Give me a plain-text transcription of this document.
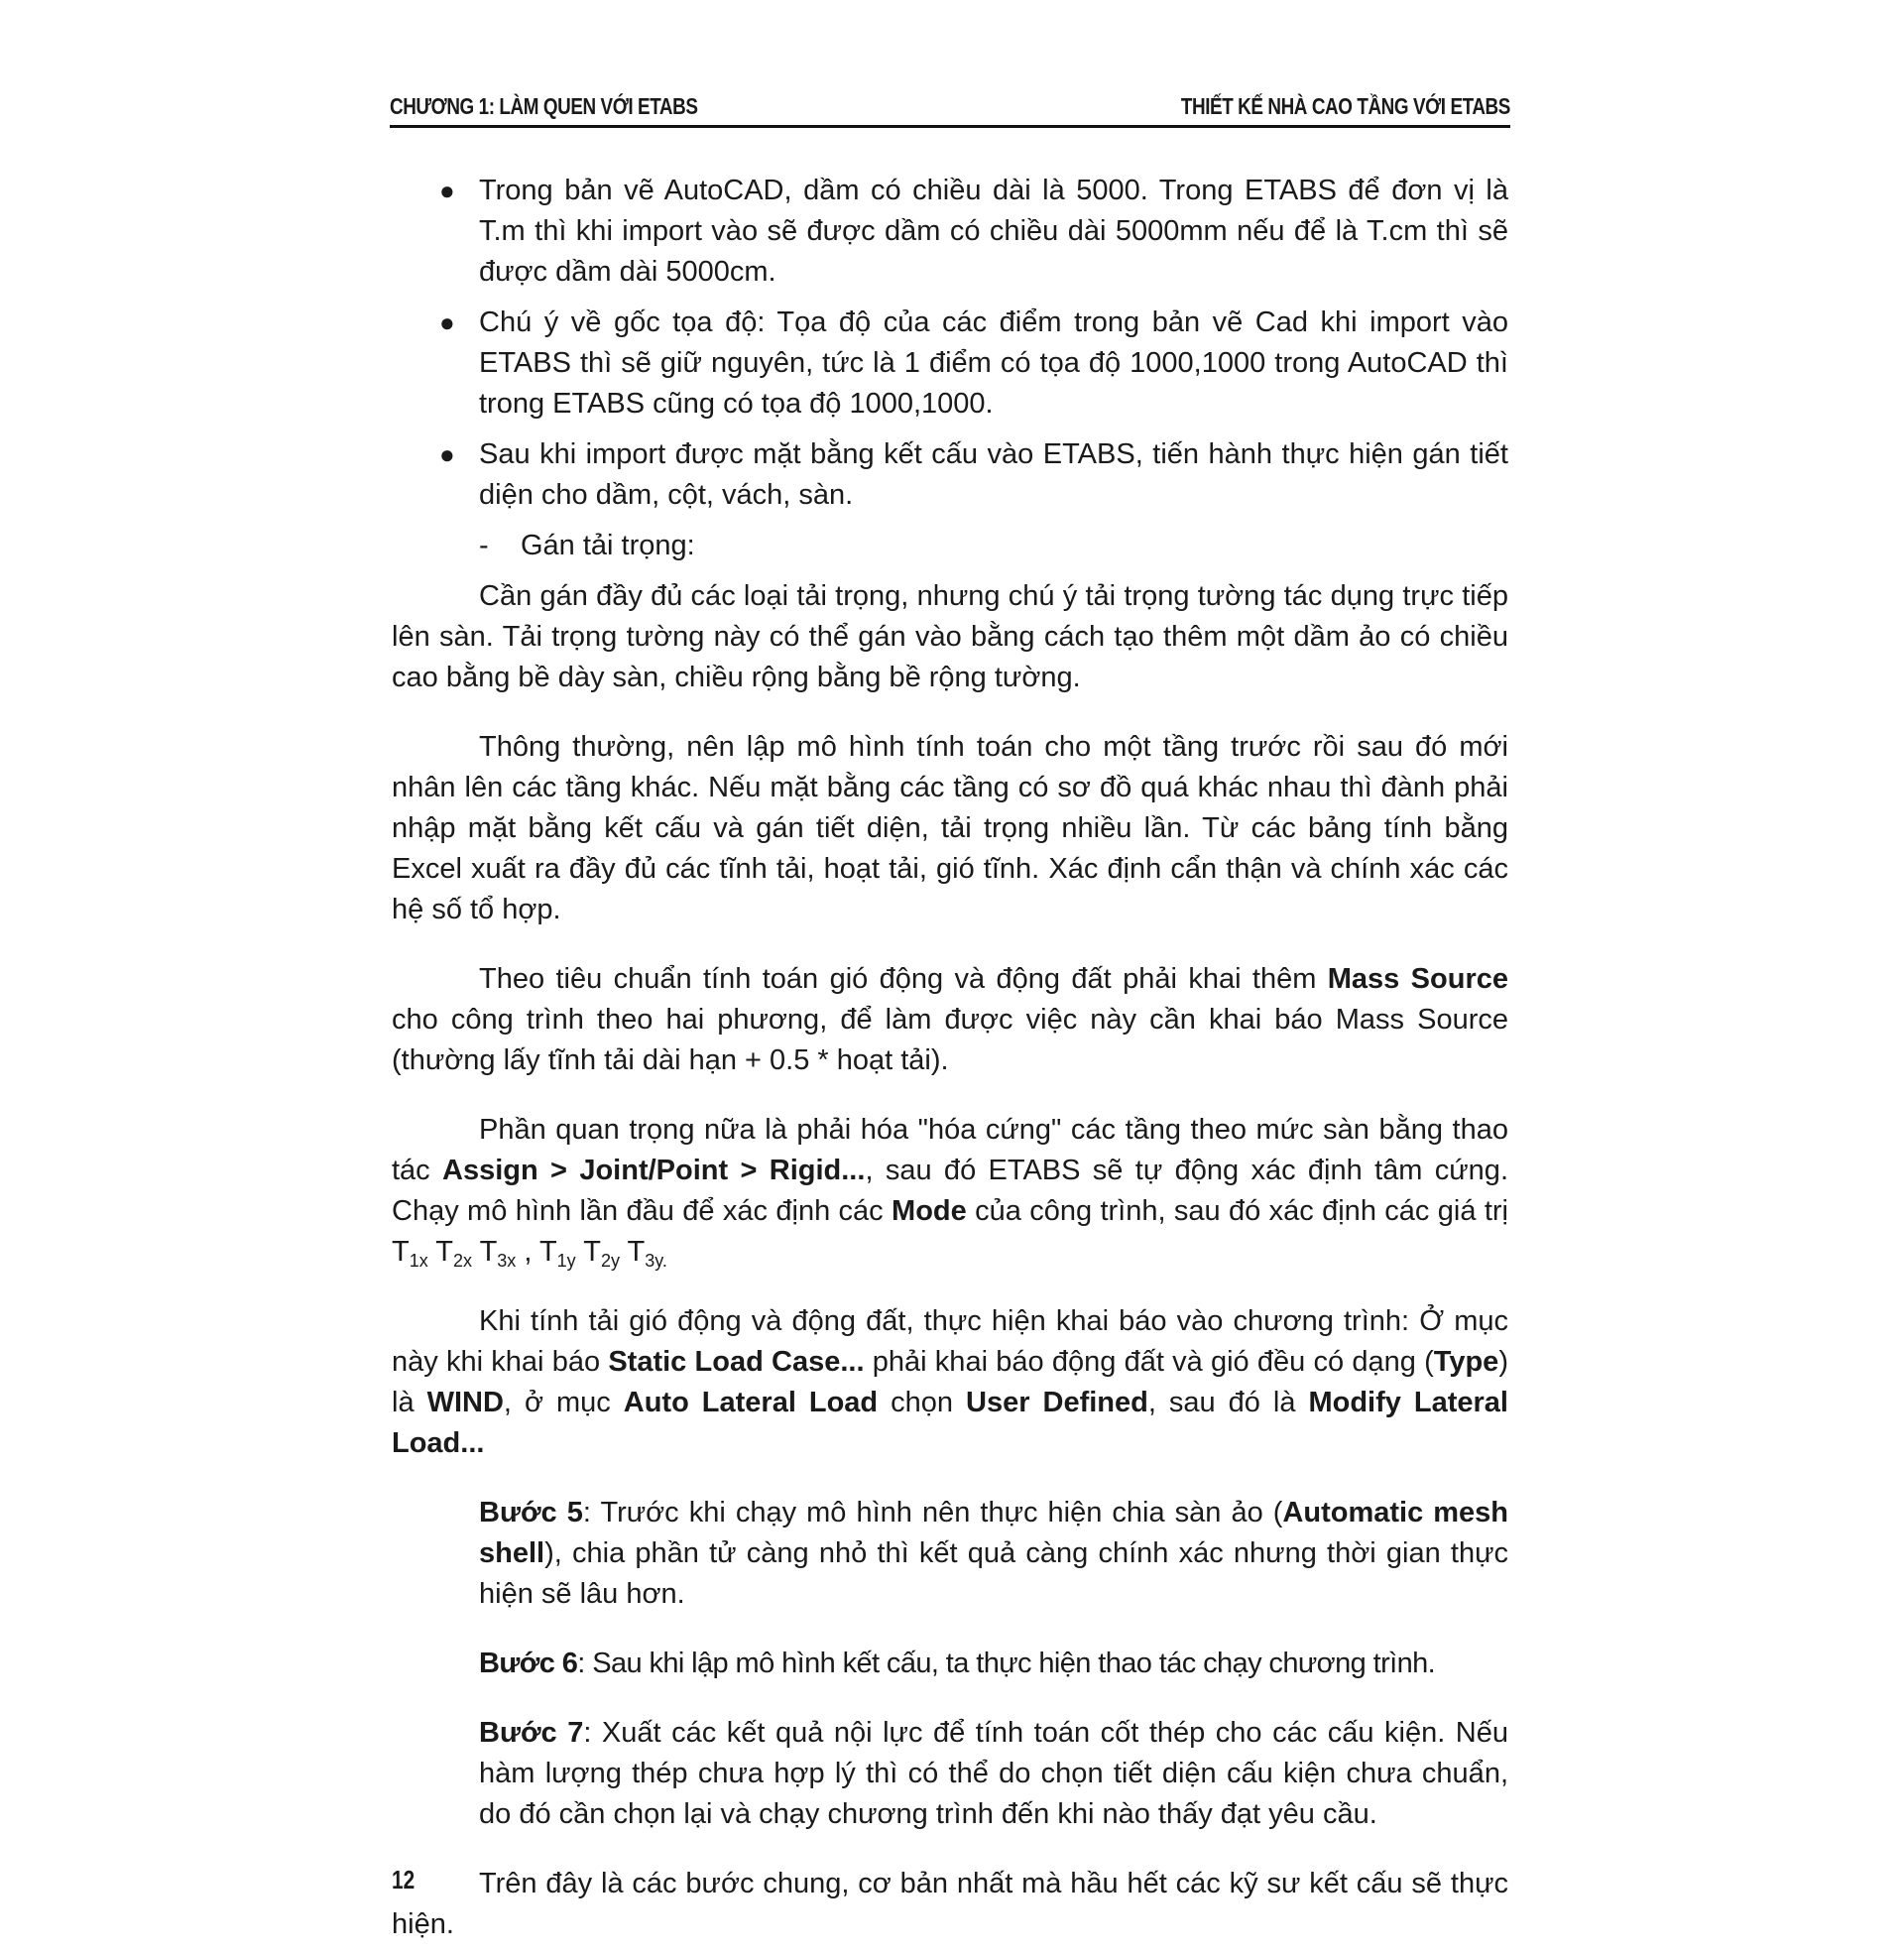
CHƯƠNG 1: LÀM QUEN VỚI ETABS	THIẾT KẾ NHÀ CAO TẦNG VỚI ETABS
● Trong bản vẽ AutoCAD, dầm có chiều dài là 5000. Trong ETABS để đơn vị là T.m thì khi import vào sẽ được dầm có chiều dài 5000mm nếu để là T.cm thì sẽ được dầm dài 5000cm.
● Chú ý về gốc tọa độ: Tọa độ của các điểm trong bản vẽ Cad khi import vào ETABS thì sẽ giữ nguyên, tức là 1 điểm có tọa độ 1000,1000 trong AutoCAD thì trong ETABS cũng có tọa độ 1000,1000.
● Sau khi import được mặt bằng kết cấu vào ETABS, tiến hành thực hiện gán tiết diện cho dầm, cột, vách, sàn.
- Gán tải trọng:

Cần gán đầy đủ các loại tải trọng, nhưng chú ý tải trọng tường tác dụng trực tiếp lên sàn. Tải trọng tường này có thể gán vào bằng cách tạo thêm một dầm ảo có chiều cao bằng bề dày sàn, chiều rộng bằng bề rộng tường.

Thông thường, nên lập mô hình tính toán cho một tầng trước rồi sau đó mới nhân lên các tầng khác. Nếu mặt bằng các tầng có sơ đồ quá khác nhau thì đành phải nhập mặt bằng kết cấu và gán tiết diện, tải trọng nhiều lần. Từ các bảng tính bằng Excel xuất ra đầy đủ các tĩnh tải, hoạt tải, gió tĩnh. Xác định cẩn thận và chính xác các hệ số tổ hợp.

Theo tiêu chuẩn tính toán gió động và động đất phải khai thêm Mass Source cho công trình theo hai phương, để làm được việc này cần khai báo Mass Source (thường lấy tĩnh tải dài hạn + 0.5 * hoạt tải).

Phần quan trọng nữa là phải hóa "hóa cứng" các tầng theo mức sàn bằng thao tác Assign > Joint/Point > Rigid..., sau đó ETABS sẽ tự động xác định tâm cứng. Chạy mô hình lần đầu để xác định các Mode của công trình, sau đó xác định các giá trị $T_{1x}$ $T_{2x}$ $T_{3x}$ , $T_{1y}$ $T_{2y}$ $T_{3y.}$

Khi tính tải gió động và động đất, thực hiện khai báo vào chương trình: Ở mục này khi khai báo Static Load Case... phải khai báo động đất và gió đều có dạng (Type) là WIND, ở mục Auto Lateral Load chọn User Defined, sau đó là Modify Lateral Load...

Bước 5: Trước khi chạy mô hình nên thực hiện chia sàn ảo (Automatic mesh shell), chia phần tử càng nhỏ thì kết quả càng chính xác nhưng thời gian thực hiện sẽ lâu hơn.

Bước 6: Sau khi lập mô hình kết cấu, ta thực hiện thao tác chạy chương trình.

Bước 7: Xuất các kết quả nội lực để tính toán cốt thép cho các cấu kiện. Nếu hàm lượng thép chưa hợp lý thì có thể do chọn tiết diện cấu kiện chưa chuẩn, do đó cần chọn lại và chạy chương trình đến khi nào thấy đạt yêu cầu.

Trên đây là các bước chung, cơ bản nhất mà hầu hết các kỹ sư kết cấu sẽ thực hiện.

12
